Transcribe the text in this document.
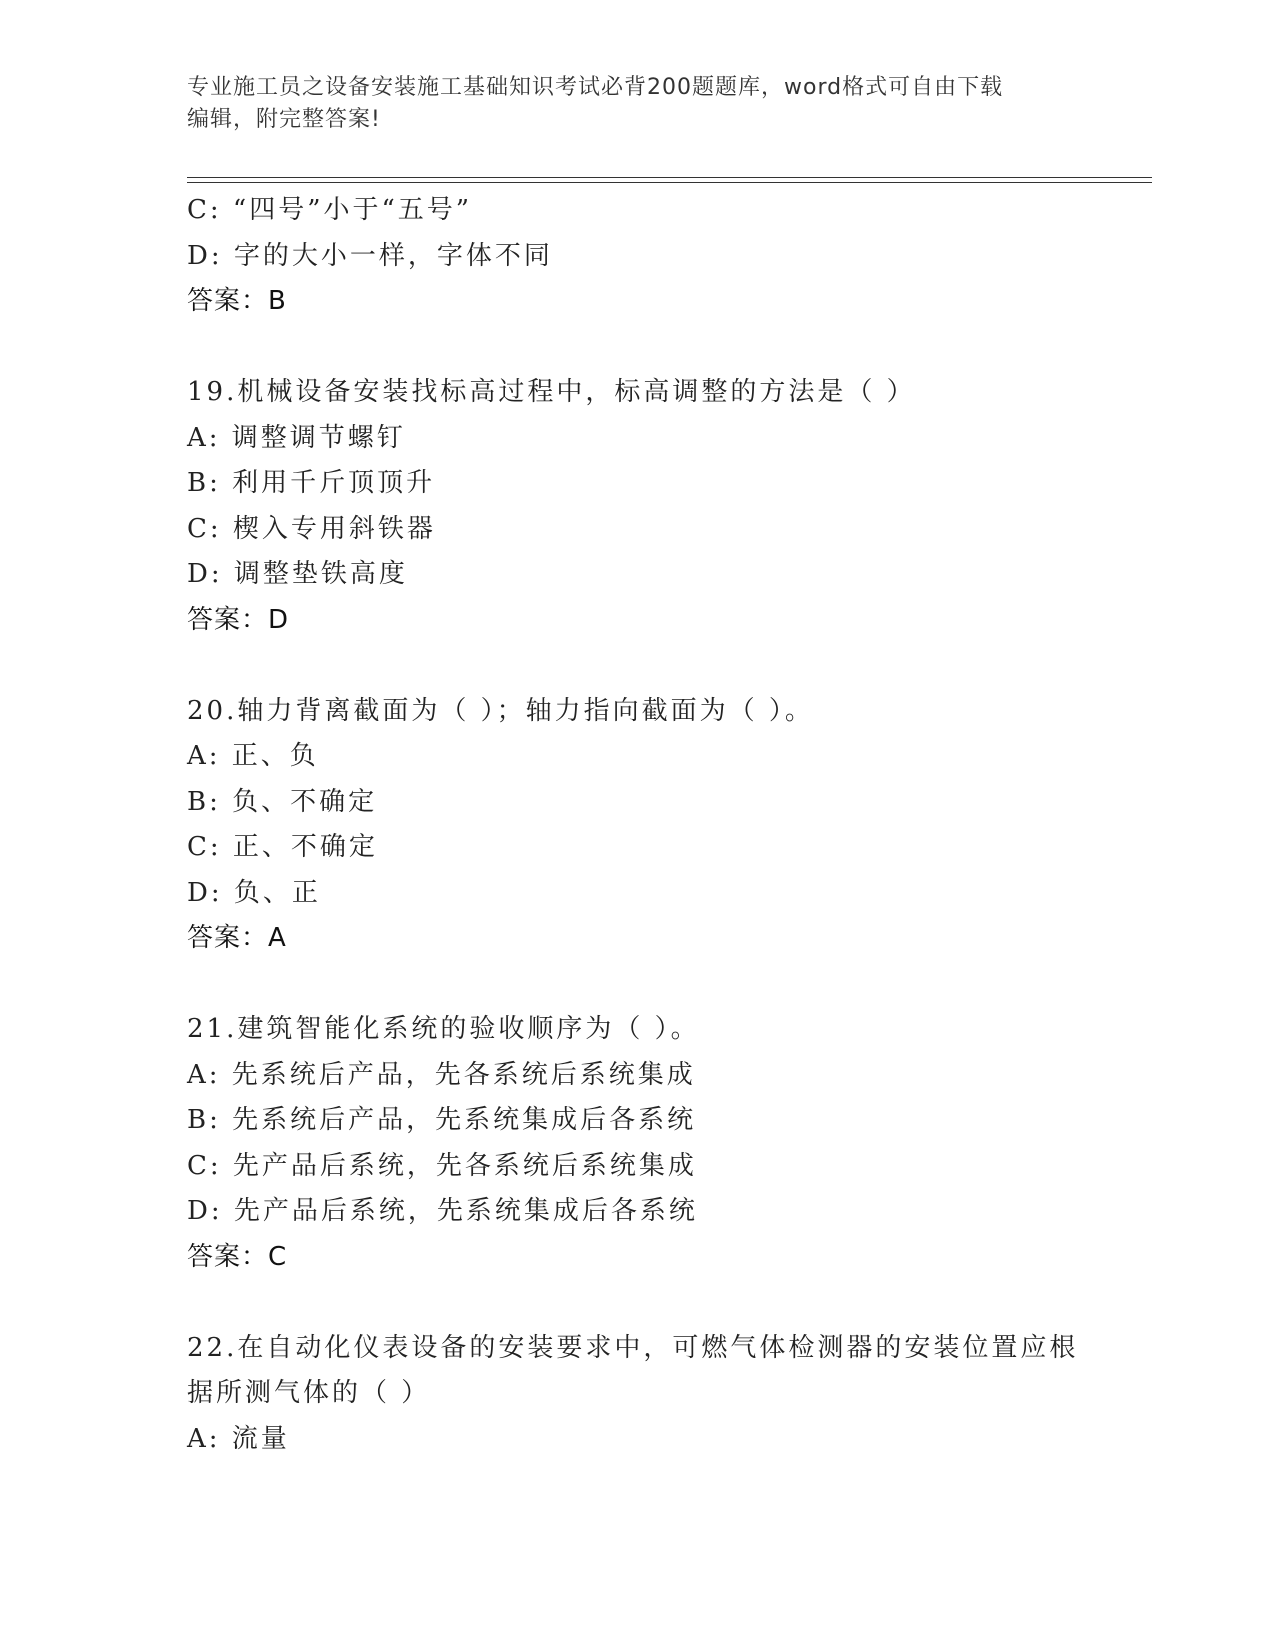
专业施工员之设备安装施工基础知识考试必背200题题库，word格式可自由下载
编辑，附完整答案!
C: “四号”小于“五号”
D: 字的大小一样，字体不同
答案：B
19.机械设备安装找标高过程中，标高调整的方法是（ ）
A: 调整调节螺钉
B: 利用千斤顶顶升
C: 楔入专用斜铁器
D: 调整垫铁高度
答案：D
20.轴力背离截面为（ ）；轴力指向截面为（ ）。
A: 正、负
B: 负、不确定
C: 正、不确定
D: 负、正
答案：A
21.建筑智能化系统的验收顺序为（ ）。
A: 先系统后产品，先各系统后系统集成
B: 先系统后产品，先系统集成后各系统
C: 先产品后系统，先各系统后系统集成
D: 先产品后系统，先系统集成后各系统
答案：C
22.在自动化仪表设备的安装要求中，可燃气体检测器的安装位置应根
据所测气体的（ ）
A: 流量
